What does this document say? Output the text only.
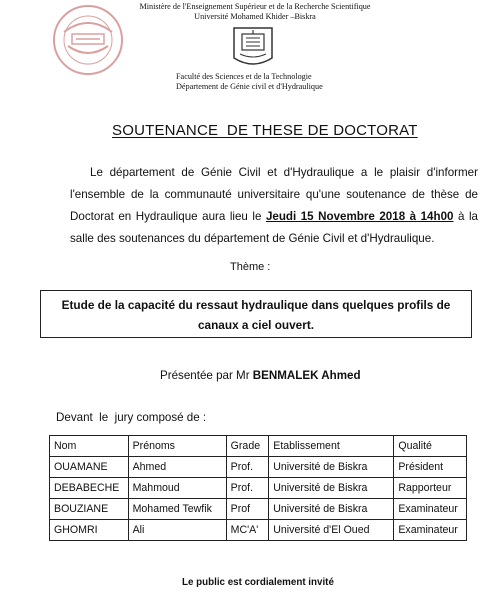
Ministère de l'Enseignement Supérieur et de la Recherche Scientifique
Université Mohamed Khider –Biskra
Faculté des Sciences et de la Technologie
Département de Génie civil et d'Hydraulique
SOUTENANCE  DE THESE DE DOCTORAT
Le département de Génie Civil et d'Hydraulique a le plaisir d'informer l'ensemble de la communauté universitaire qu'une soutenance de thèse de Doctorat en Hydraulique aura lieu le Jeudi 15 Novembre 2018 à 14h00 à la salle des soutenances du département de Génie Civil et d'Hydraulique.
Thème :
Etude de la capacité du ressaut hydraulique dans quelques profils de canaux a ciel ouvert.
Présentée par Mr BENMALEK Ahmed
Devant  le  jury composé de :
Nom	Prénoms	Grade	Etablissement	Qualité
OUAMANE	Ahmed	Prof.	Université de Biskra	Président
DEBABECHE	Mahmoud	Prof.	Université de Biskra	Rapporteur
BOUZIANE	Mohamed Tewfik	Prof	Université de Biskra	Examinateur
GHOMRI	Ali	MC'A'	Université d'El Oued	Examinateur
Le public est cordialement invité
